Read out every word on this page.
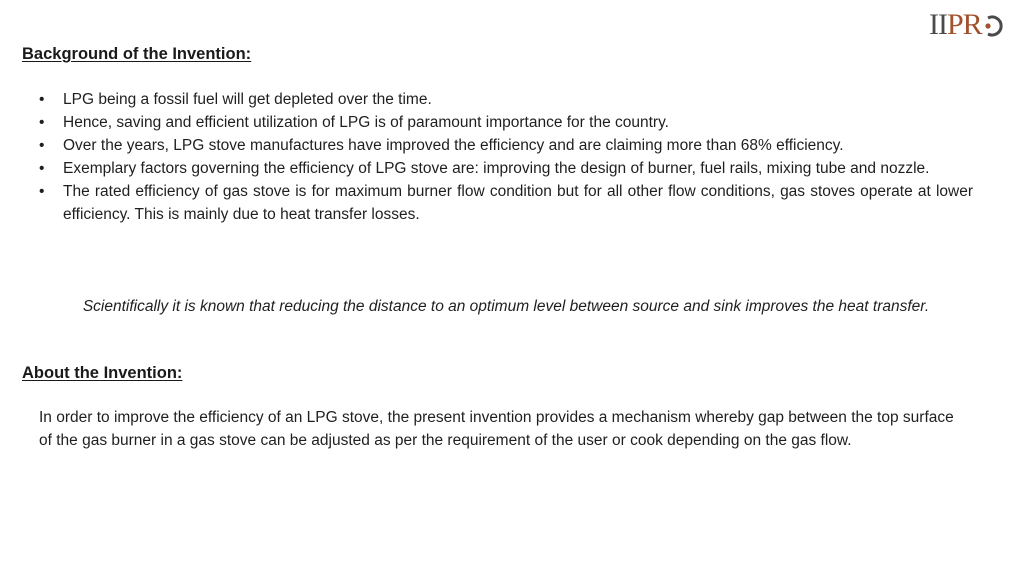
II PR
Background of the Invention:
• LPG being a fossil fuel will get depleted over the time.
• Hence, saving and efficient utilization of LPG is of paramount importance for the country.
• Over the years, LPG stove manufactures have improved the efficiency and are claiming more than 68% efficiency.
• Exemplary factors governing the efficiency of LPG stove are: improving the design of burner, fuel rails, mixing tube and nozzle.
• The rated efficiency of gas stove is for maximum burner flow condition but for all other flow conditions, gas stoves operate at lower efficiency. This is mainly due to heat transfer losses.
Scientifically it is known that reducing the distance to an optimum level between source and sink improves the heat transfer.
About the Invention:
In order to improve the efficiency of an LPG stove, the present invention provides a mechanism whereby gap between the top surface of the gas burner in a gas stove can be adjusted as per the requirement of the user or cook depending on the gas flow.
